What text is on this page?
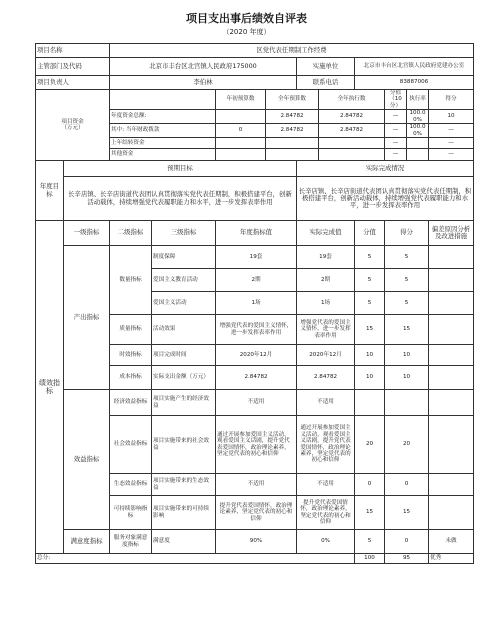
项目支出事后绩效自评表
（2020 年度）
项目名称		区党代表任期制工作经费									
主管部门及代码		北京市丰台区北宫镇人民政府175000				实施单位		北京市丰台区北宫镇人民政府党建办公室			
项目负责人		李伯林				联系电话		83887006			
项目资金
（万元）				年初预算数	全年预算数		全年执行数		分值（10分）	执行率	得分
		年度资金总额:			2.84782		2.84782		—	100.00%	10
		其中: 当年财政拨款		0	2.84782		2.84782		—	100.00%	—
		上年结转资金							—		—
		其他资金							—		—
年度目标	预期目标					实际完成情况					
	长辛店镇、长辛店街道代表团认真贯彻落实党代表任期制，积极搭建平台，创新活动载体，持续增强党代表履职能力和水平，进一步发挥表率作用					长辛店镇、长辛店街道代表团认真贯彻落实党代表任期制，积极搭建平台，创新活动载体，持续增强党代表履职能力和水平，进一步发挥表率作用					
绩效指标	一级指标	二级指标	三级指标	年度指标值		实际完成值		分值	得分		偏差原因分析及改进措施
	产出指标	数量指标	制度保障	19套		19套		5	5		
			爱国主义教育活动	2期		2期		5	5		
			爱国主义活动	1场		1场		5	5		
		质量指标	活动效果	增强党代表的爱国主义情怀，进一步发挥表率作用		增强党代表的爱国主义情怀，进一步发挥表率作用		15	15		
		时效指标	项目完成时间	2020年12月		2020年12月		10	10		
		成本指标	实际支出金额（万元）	2.84782		2.84782		10	10		
	效益指标	经济效益指标	项目实施产生的经济效益	不适用		不适用					
		社会效益指标	项目实施带来的社会效益	通过开展参加爱国主义活动，观看爱国主义话剧，提升党代表爱国情怀，政治理论素养，坚定党代表的初心和信仰		通过开展参加爱国主义活动，观看爱国主义话剧，提升党代表爱国情怀，政治理论素养，坚定党代表的初心和信仰		20	20		
		生态效益指标	项目实施带来的生态效益	不适用		不适用		0	0		
		可持续影响指标	项目实施带来的可持续影响	提升党代表爱国情怀，政治理论素养，坚定党代表的初心和信仰		提升党代表爱国情怀，政治理论素养，坚定党代表的初心和信仰		15	15		
	满意度指标	服务对象满意度指标	满意度	90%		0%		5	0		未做
总分:								100	95		优秀
